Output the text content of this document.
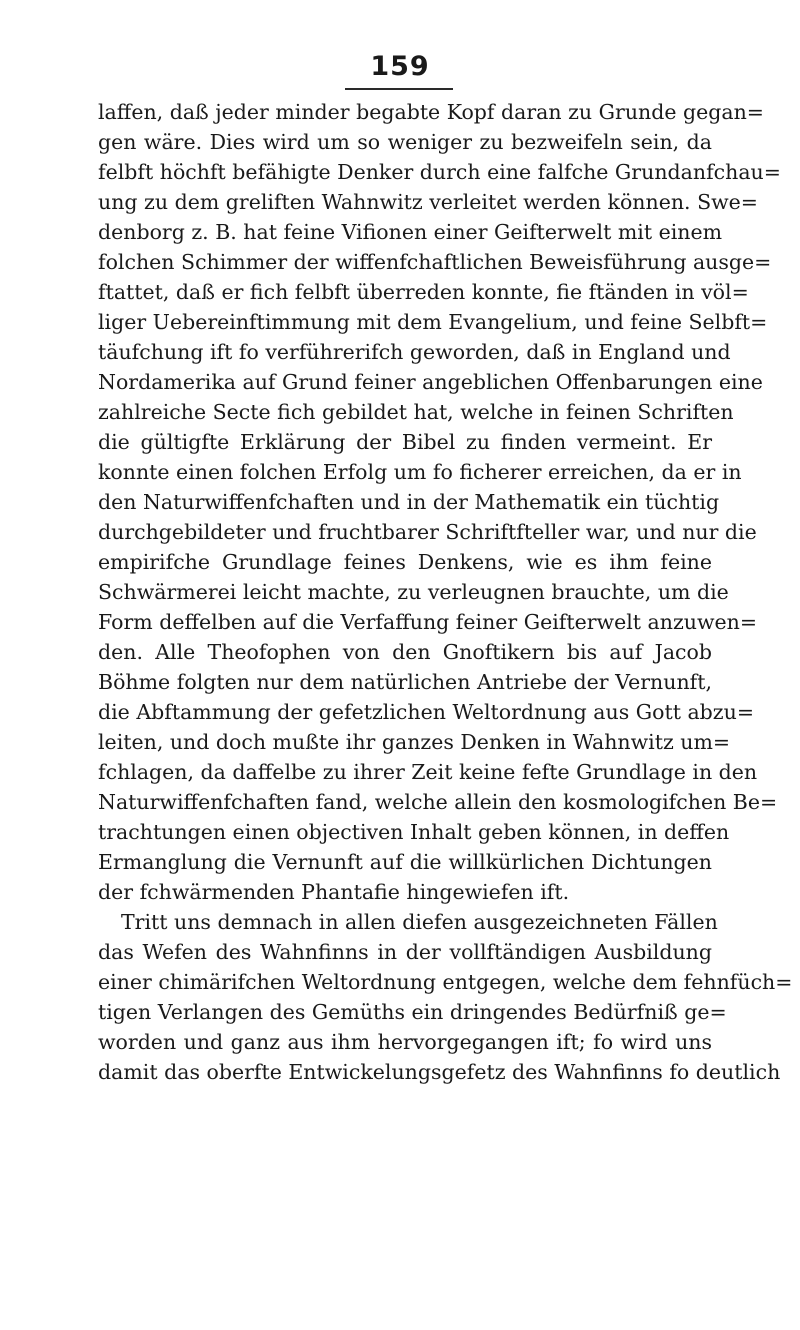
159
laffen, daß jeder minder begabte Kopf daran zu Grunde gegan=
gen wäre. Dies wird um so weniger zu bezweifeln sein, da
felbft höchft befähigte Denker durch eine falfche Grundanfchau=
ung zu dem greliften Wahnwitz verleitet werden können. Swe=
denborg z. B. hat feine Vifionen einer Geifterwelt mit einem
folchen Schimmer der wiffenfchaftlichen Beweisführung ausge=
ftattet, daß er fich felbft überreden konnte, fie ftänden in völ=
liger Uebereinftimmung mit dem Evangelium, und feine Selbft=
täufchung ift fo verführerifch geworden, daß in England und
Nordamerika auf Grund feiner angeblichen Offenbarungen eine
zahlreiche Secte fich gebildet hat, welche in feinen Schriften
die gültigfte Erklärung der Bibel zu finden vermeint. Er
konnte einen folchen Erfolg um fo ficherer erreichen, da er in
den Naturwiffenfchaften und in der Mathematik ein tüchtig
durchgebildeter und fruchtbarer Schriftfteller war, und nur die
empirifche Grundlage feines Denkens, wie es ihm feine
Schwärmerei leicht machte, zu verleugnen brauchte, um die
Form deffelben auf die Verfaffung feiner Geifterwelt anzuwen=
den. Alle Theofophen von den Gnoftikern bis auf Jacob
Böhme folgten nur dem natürlichen Antriebe der Vernunft,
die Abftammung der gefetzlichen Weltordnung aus Gott abzu=
leiten, und doch mußte ihr ganzes Denken in Wahnwitz um=
fchlagen, da daffelbe zu ihrer Zeit keine fefte Grundlage in den
Naturwiffenfchaften fand, welche allein den kosmologifchen Be=
trachtungen einen objectiven Inhalt geben können, in deffen
Ermanglung die Vernunft auf die willkürlichen Dichtungen
der fchwärmenden Phantafie hingewiefen ift.
Tritt uns demnach in allen diefen ausgezeichneten Fällen
das Wefen des Wahnfinns in der vollftändigen Ausbildung
einer chimärifchen Weltordnung entgegen, welche dem fehnfüch=
tigen Verlangen des Gemüths ein dringendes Bedürfniß ge=
worden und ganz aus ihm hervorgegangen ift; fo wird uns
damit das oberfte Entwickelungsgefetz des Wahnfinns fo deutlich
